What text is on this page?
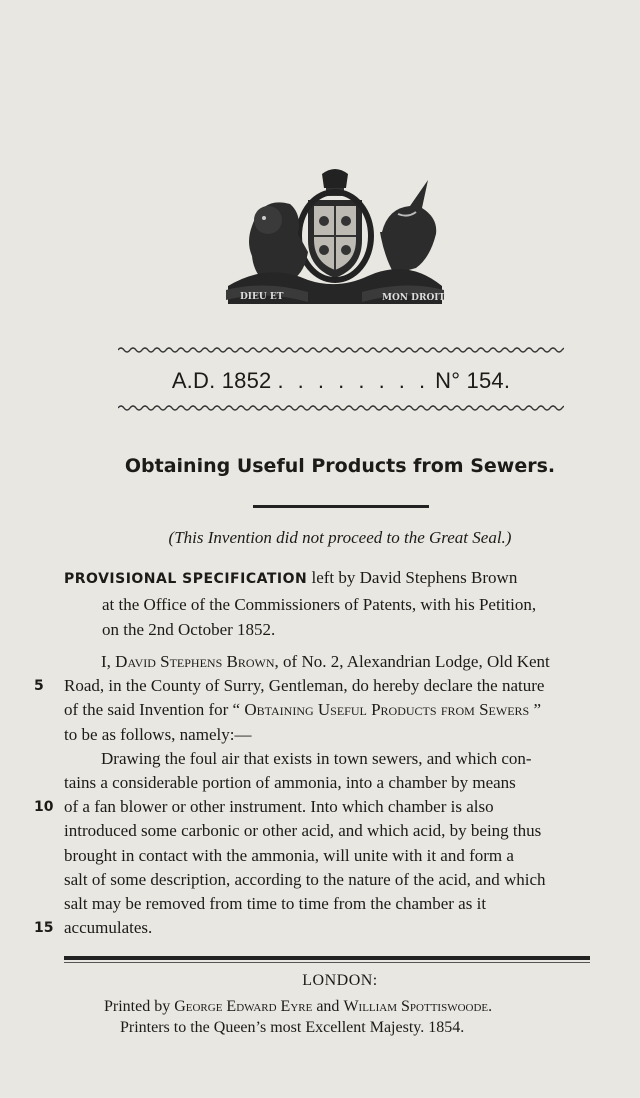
DIEU ET	MON DROIT
A.D. 1852 . . . . . . . . N° 154.
Obtaining Useful Products from Sewers.
(This Invention did not proceed to the Great Seal.)

PROVISIONAL SPECIFICATION left by David Stephens Brown

at the Office of the Commissioners of Patents, with his Petition,
on the 2nd October 1852.
I, David Stephens Brown, of No. 2, Alexandrian Lodge, Old Kent
5 Road, in the County of Surry, Gentleman, do hereby declare the nature
of the said Invention for “ Obtaining Useful Products from Sewers ”
to be as follows, namely:—
Drawing the foul air that exists in town sewers, and which con-
tains a considerable portion of ammonia, into a chamber by means
10 of a fan blower or other instrument. Into which chamber is also
introduced some carbonic or other acid, and which acid, by being thus
brought in contact with the ammonia, will unite with it and form a
salt of some description, according to the nature of the acid, and which
salt may be removed from time to time from the chamber as it
15 accumulates.
LONDON:
Printed by George Edward Eyre and William Spottiswoode.
Printers to the Queen’s most Excellent Majesty. 1854.
